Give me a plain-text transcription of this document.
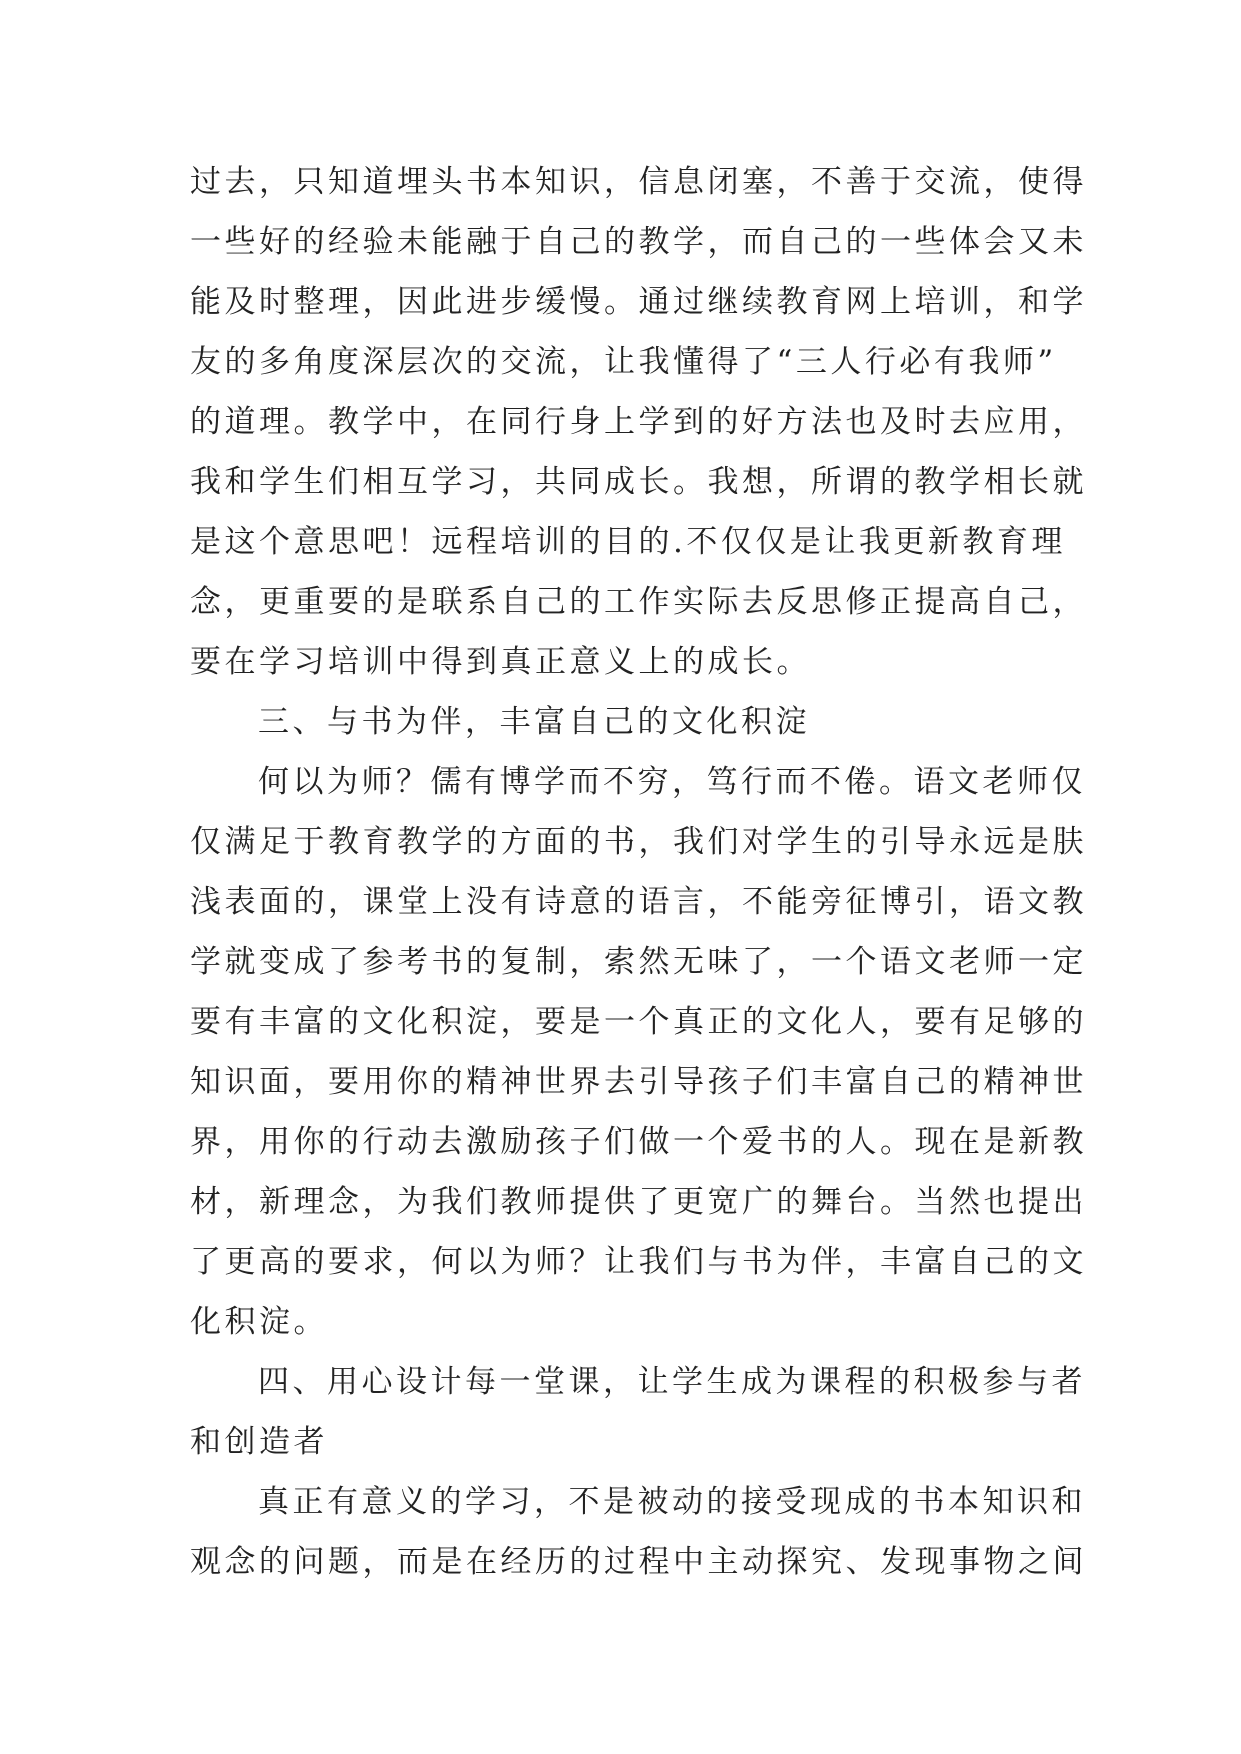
过去，只知道埋头书本知识，信息闭塞，不善于交流，使得
一些好的经验未能融于自己的教学，而自己的一些体会又未
能及时整理，因此进步缓慢。通过继续教育网上培训，和学
友的多角度深层次的交流，让我懂得了“三人行必有我师”
的道理。教学中，在同行身上学到的好方法也及时去应用，
我和学生们相互学习，共同成长。我想，所谓的教学相长就
是这个意思吧！远程培训的目的.不仅仅是让我更新教育理
念，更重要的是联系自己的工作实际去反思修正提高自己，
要在学习培训中得到真正意义上的成长。
三、与书为伴，丰富自己的文化积淀
何以为师？儒有博学而不穷，笃行而不倦。语文老师仅
仅满足于教育教学的方面的书，我们对学生的引导永远是肤
浅表面的，课堂上没有诗意的语言，不能旁征博引，语文教
学就变成了参考书的复制，索然无味了，一个语文老师一定
要有丰富的文化积淀，要是一个真正的文化人，要有足够的
知识面，要用你的精神世界去引导孩子们丰富自己的精神世
界，用你的行动去激励孩子们做一个爱书的人。现在是新教
材，新理念，为我们教师提供了更宽广的舞台。当然也提出
了更高的要求，何以为师？让我们与书为伴，丰富自己的文
化积淀。
四、用心设计每一堂课，让学生成为课程的积极参与者
和创造者
真正有意义的学习，不是被动的接受现成的书本知识和
观念的问题，而是在经历的过程中主动探究、发现事物之间
